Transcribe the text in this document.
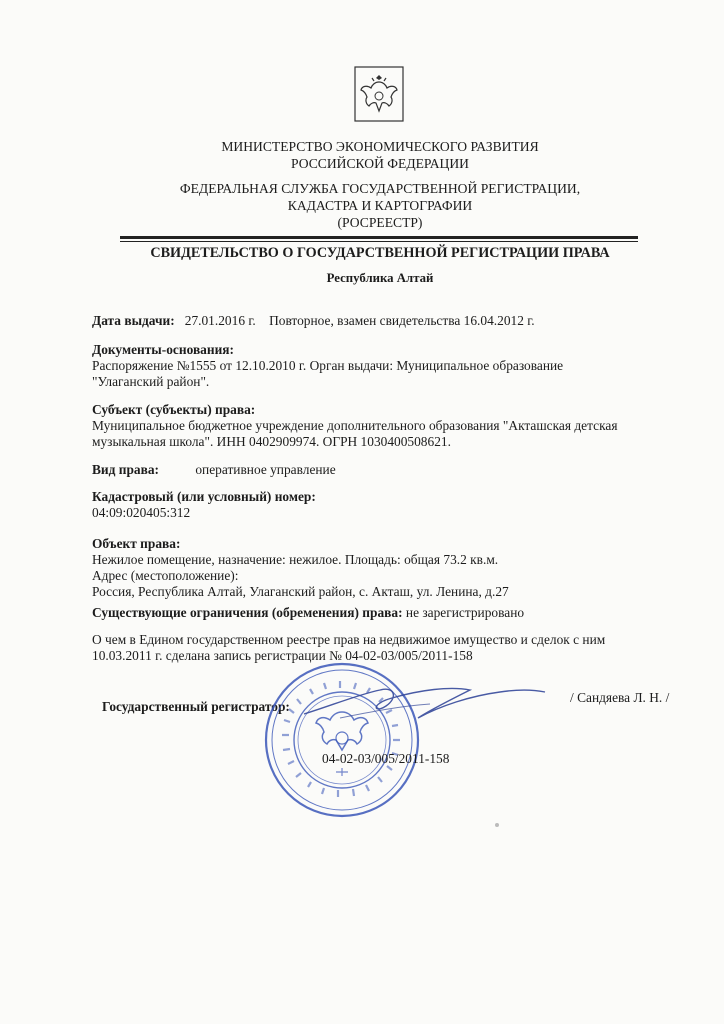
МИНИСТЕРСТВО ЭКОНОМИЧЕСКОГО РАЗВИТИЯ
РОССИЙСКОЙ ФЕДЕРАЦИИ
ФЕДЕРАЛЬНАЯ СЛУЖБА ГОСУДАРСТВЕННОЙ РЕГИСТРАЦИИ,
КАДАСТРА И КАРТОГРАФИИ
(РОСРЕЕСТР)
СВИДЕТЕЛЬСТВО О ГОСУДАРСТВЕННОЙ РЕГИСТРАЦИИ ПРАВА
Республика Алтай
Дата выдачи: 27.01.2016 г. Повторное, взамен свидетельства 16.04.2012 г.
Документы-основания:
Распоряжение №1555 от 12.10.2010 г. Орган выдачи: Муниципальное образование
"Улаганский район".
Субъект (субъекты) права:
Муниципальное бюджетное учреждение дополнительного образования "Акташская детская
музыкальная школа". ИНН 0402909974. ОГРН 1030400508621.
Вид права:	оперативное управление
Кадастровый (или условный) номер:
04:09:020405:312
Объект права:
Нежилое помещение, назначение: нежилое. Площадь: общая 73.2 кв.м.
Адрес (местоположение):
Россия, Республика Алтай, Улаганский район, с. Акташ, ул. Ленина, д.27
Существующие ограничения (обременения) права: не зарегистрировано
О чем в Едином государственном реестре прав на недвижимое имущество и сделок с ним
10.03.2011 г. сделана запись регистрации № 04-02-03/005/2011-158
Государственный регистратор:
/ Сандяева Л. Н. /
04-02-03/005/2011-158
